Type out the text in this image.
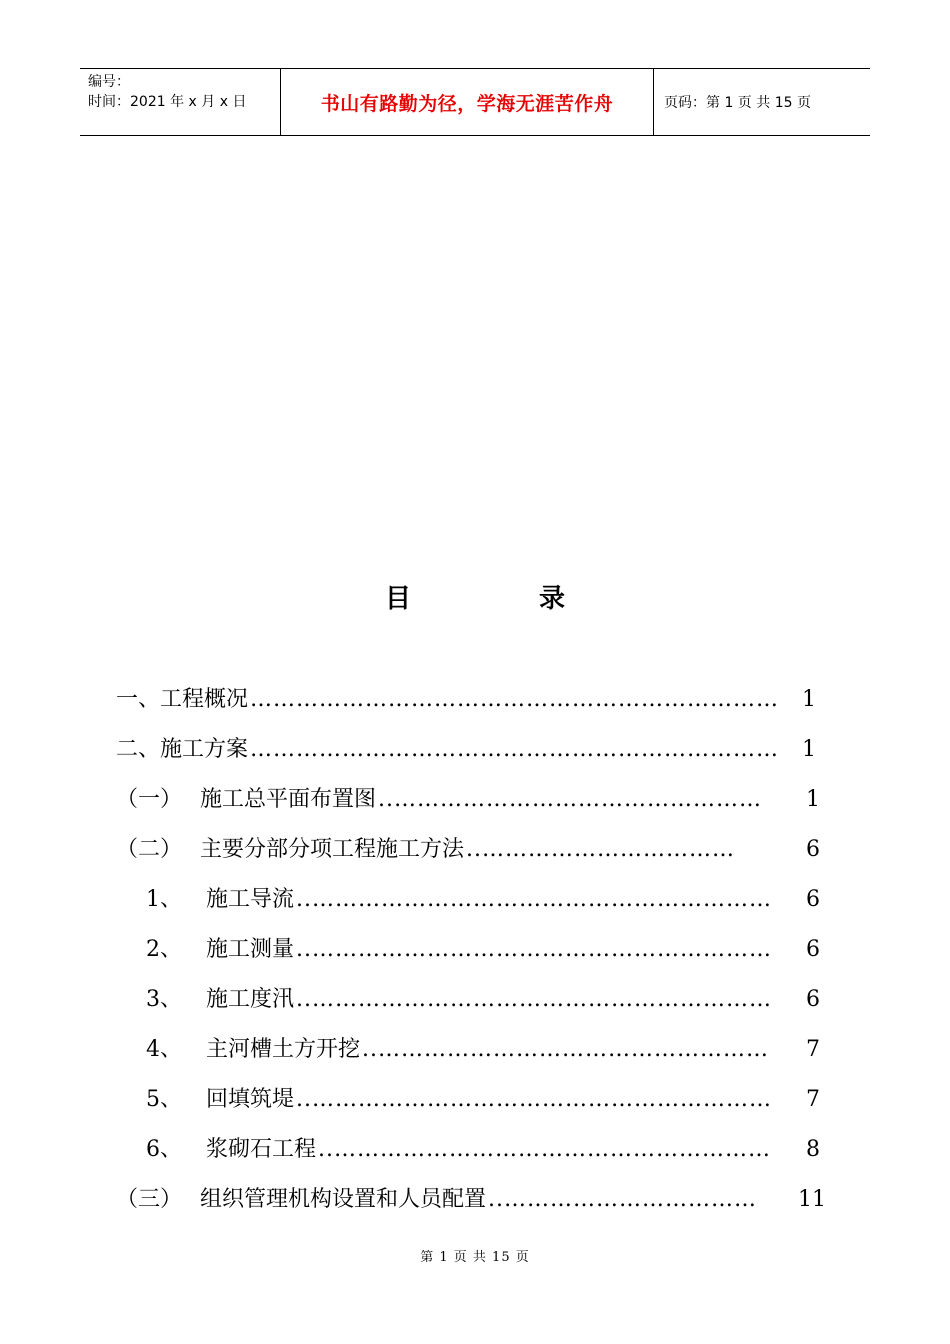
编号：
时间：2021 年 x 月 x 日	书山有路勤为径，学海无涯苦作舟	页码：第 1 页 共 15 页
目	录
一、 工程概况 ……………………………………………………………	1
二、 施工方案 ……………………………………………………………	1
（一） 施工总平面布置图 ..…………………………………………	1
（二） 主要分部分项工程施工方法 ..……………………………	6
1、	施工导流 ..……………………………………………………	6
2、	施工测量 ..……………………………………………………	6
3、	施工度汛 ..……………………………………………………	6
4、	主河槽土方开挖 ..……………………………………………	7
5、	回填筑堤 ..……………………………………………………	7
6、	浆砌石工程 ..…………………………………………………	8
（三） 组织管理机构设置和人员配置 ..……………………………	11
第 1 页 共 15 页
